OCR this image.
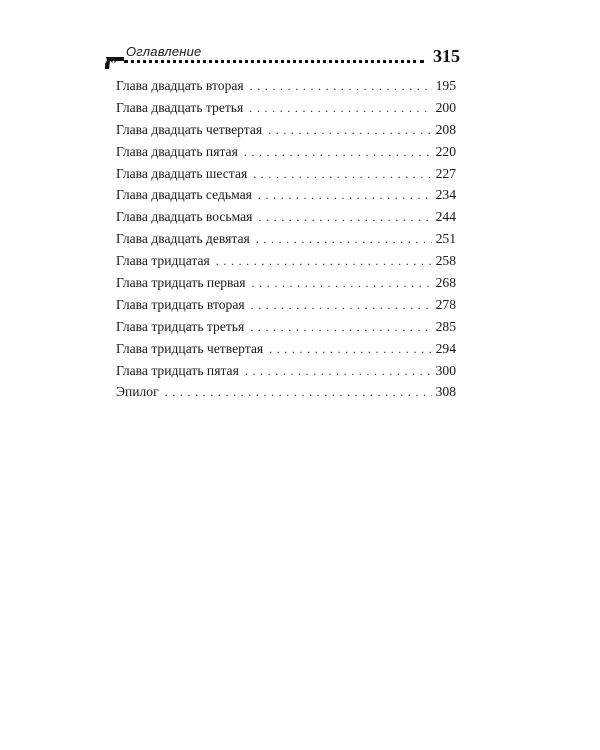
Оглавление	315
Глава двадцать вторая . . .	195
Глава двадцать третья . . .	200
Глава двадцать четвертая . . .	208
Глава двадцать пятая . . .	220
Глава двадцать шестая . . .	227
Глава двадцать седьмая . . .	234
Глава двадцать восьмая . . .	244
Глава двадцать девятая . . .	251
Глава тридцатая . . .	258
Глава тридцать первая . . .	268
Глава тридцать вторая . . .	278
Глава тридцать третья . . .	285
Глава тридцать четвертая . . .	294
Глава тридцать пятая . . .	300
Эпилог . . .	308
